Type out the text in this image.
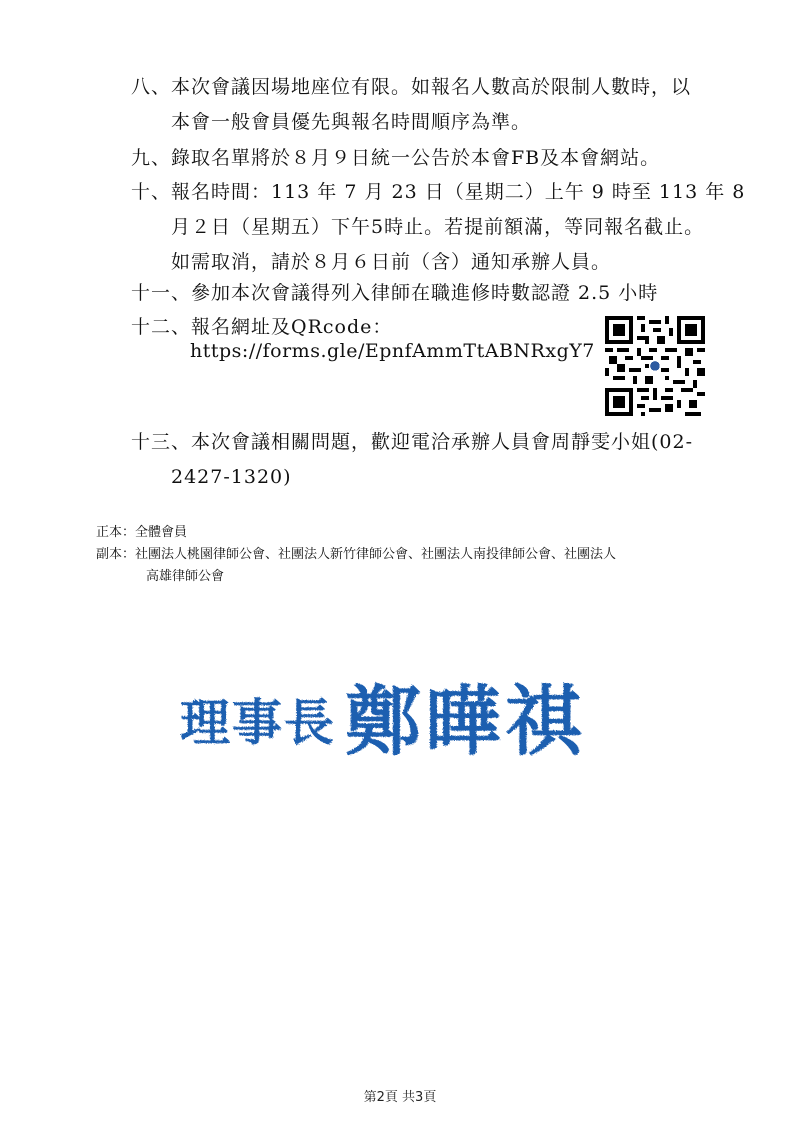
八、本次會議因場地座位有限。如報名人數高於限制人數時，以
本會一般會員優先與報名時間順序為準。
九、錄取名單將於８月９日統一公告於本會FB及本會網站。
十、報名時間：113 年 7 月 23 日（星期二）上午 9 時至 113 年 8
月２日（星期五）下午5時止。若提前額滿，等同報名截止。
如需取消，請於８月６日前（含）通知承辦人員。
十一、參加本次會議得列入律師在職進修時數認證 2.5 小時
十二、報名網址及QRcode：
https://forms.gle/EpnfAmmTtABNRxgY7
十三、本次會議相關問題，歡迎電洽承辦人員會周靜雯小姐(02-
2427-1320)
正本：全體會員
副本：社團法人桃園律師公會、社團法人新竹律師公會、社團法人南投律師公會、社團法人
高雄律師公會
理事長 鄭曄祺
第2頁 共3頁
